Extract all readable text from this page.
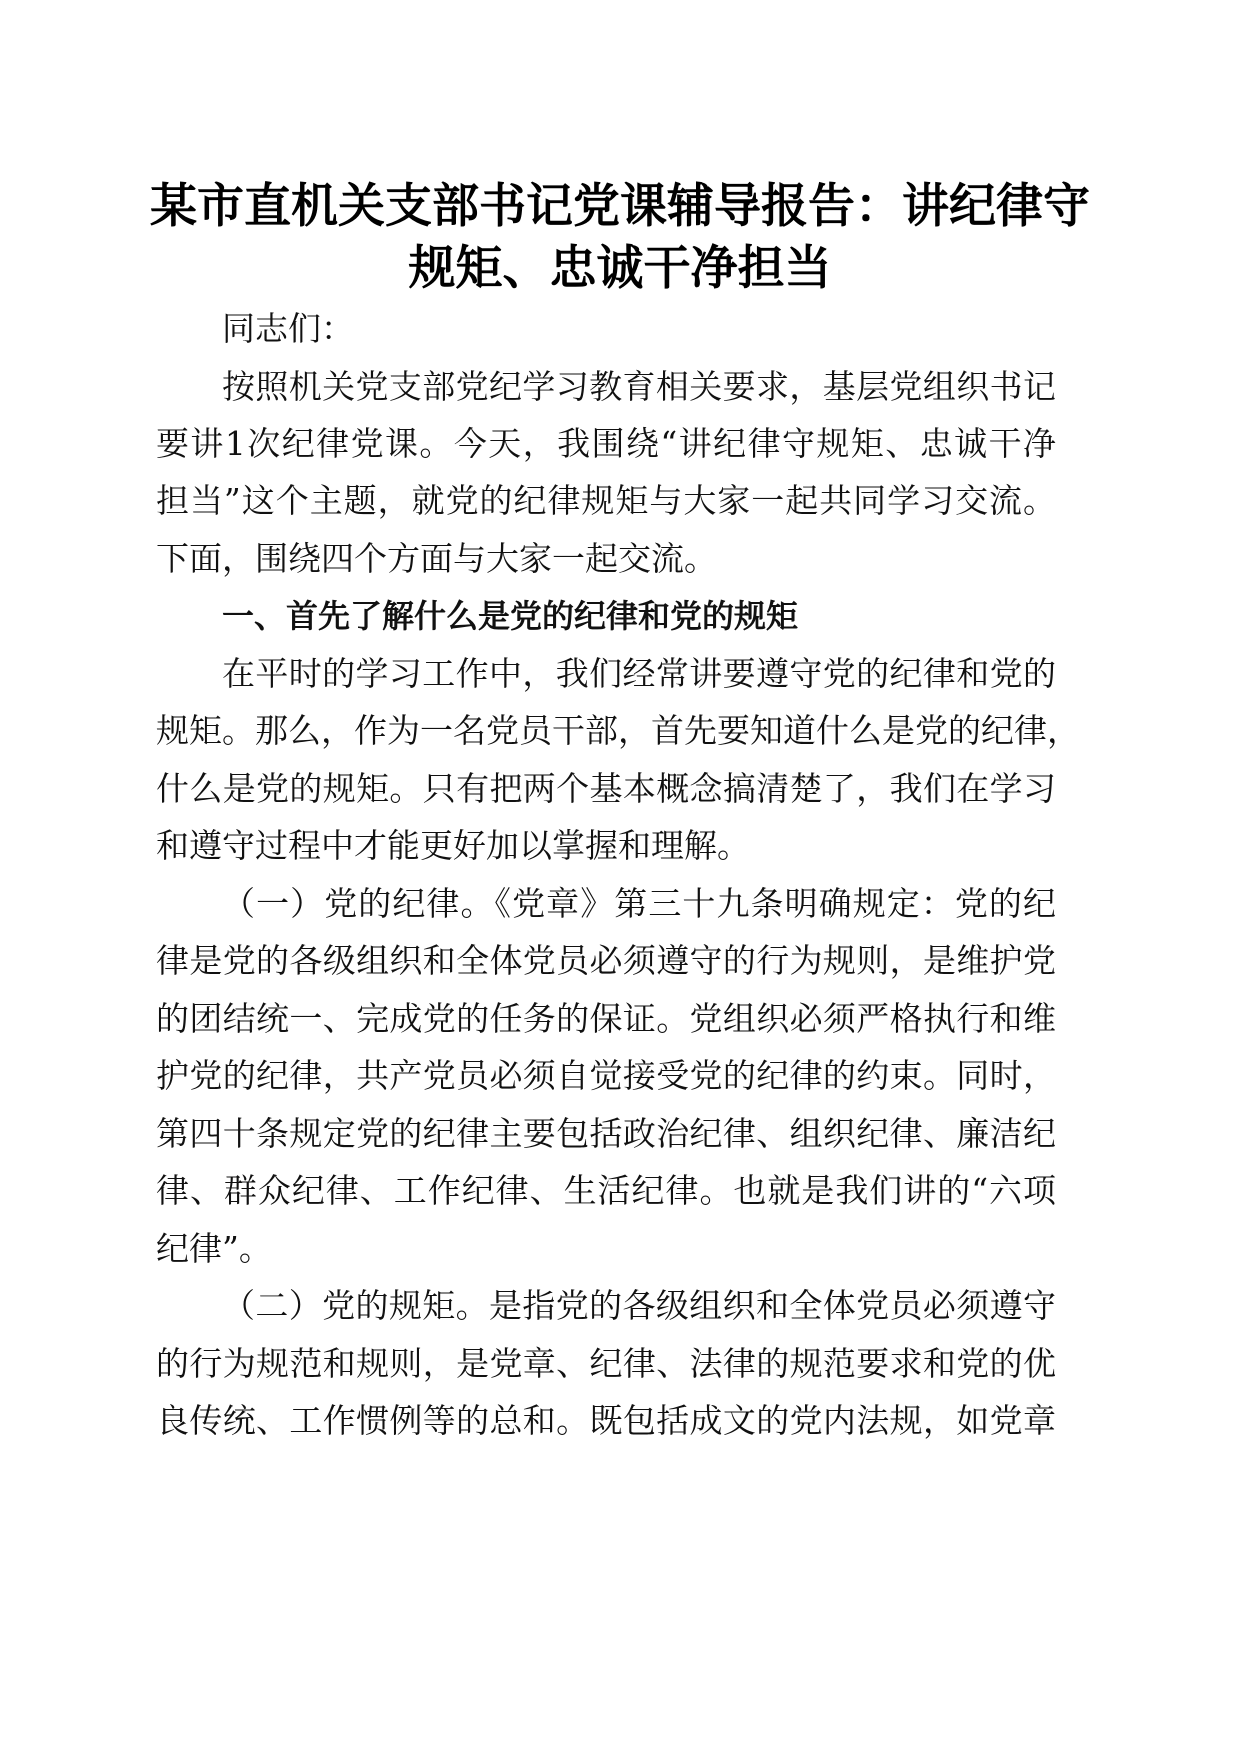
某市直机关支部书记党课辅导报告：讲纪律守
规矩、忠诚干净担当
同志们：
按照机关党支部党纪学习教育相关要求，基层党组织书记
要讲1次纪律党课。今天，我围绕“讲纪律守规矩、忠诚干净
担当”这个主题，就党的纪律规矩与大家一起共同学习交流。
下面，围绕四个方面与大家一起交流。
一、首先了解什么是党的纪律和党的规矩
在平时的学习工作中，我们经常讲要遵守党的纪律和党的
规矩。那么，作为一名党员干部，首先要知道什么是党的纪律，
什么是党的规矩。只有把两个基本概念搞清楚了，我们在学习
和遵守过程中才能更好加以掌握和理解。
（一）党的纪律。《党章》第三十九条明确规定：党的纪
律是党的各级组织和全体党员必须遵守的行为规则，是维护党
的团结统一、完成党的任务的保证。党组织必须严格执行和维
护党的纪律，共产党员必须自觉接受党的纪律的约束。同时，
第四十条规定党的纪律主要包括政治纪律、组织纪律、廉洁纪
律、群众纪律、工作纪律、生活纪律。也就是我们讲的“六项
纪律”。
（二）党的规矩。是指党的各级组织和全体党员必须遵守
的行为规范和规则，是党章、纪律、法律的规范要求和党的优
良传统、工作惯例等的总和。既包括成文的党内法规，如党章
